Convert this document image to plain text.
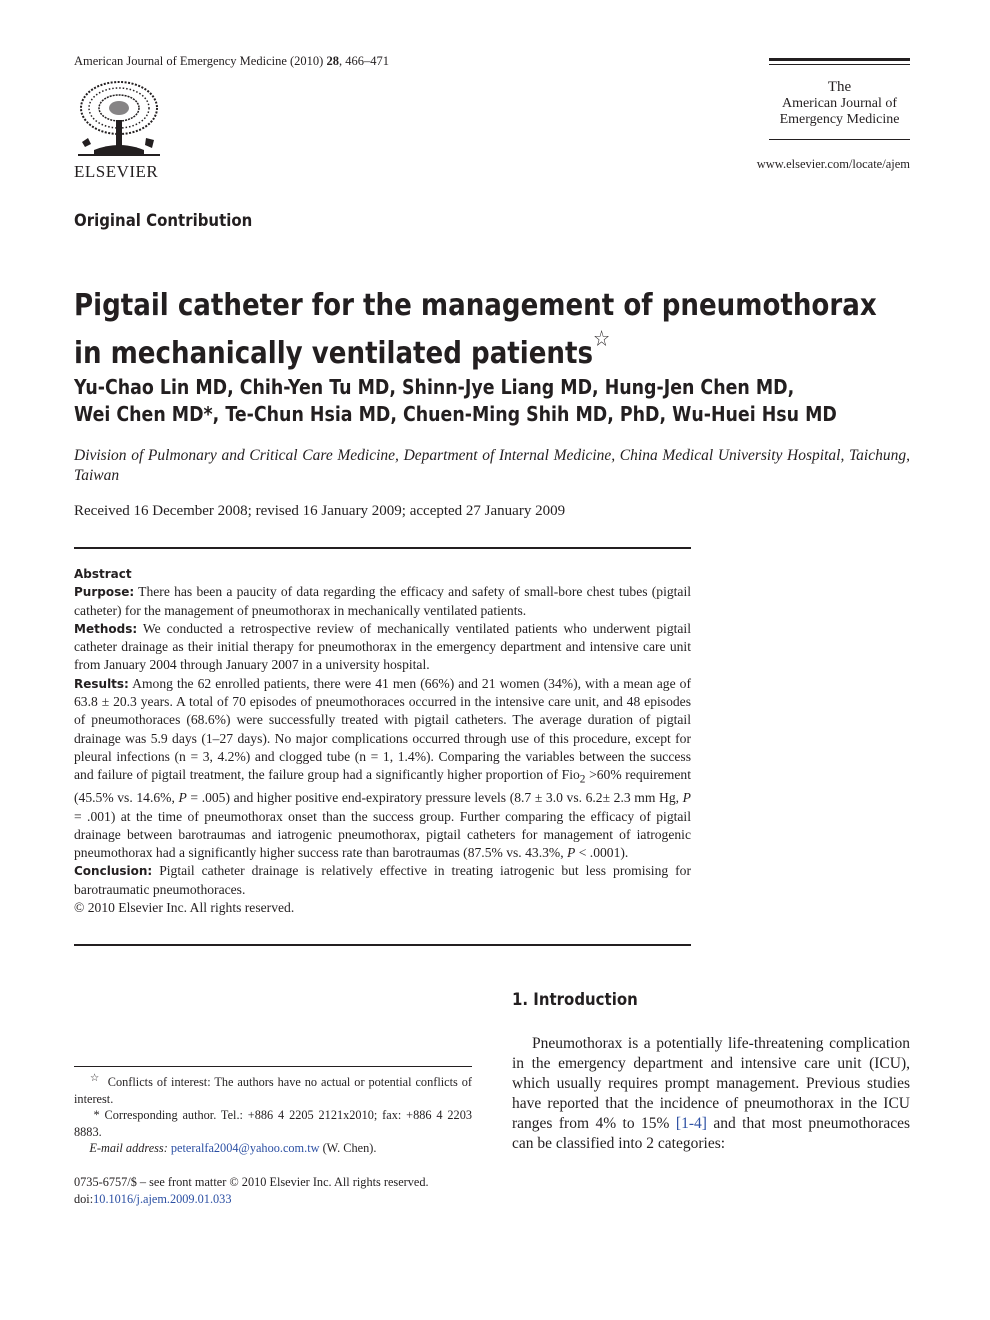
American Journal of Emergency Medicine (2010) 28, 466–471
ELSEVIER
The
American Journal of
Emergency Medicine
www.elsevier.com/locate/ajem
Original Contribution
Pigtail catheter for the management of pneumothorax in mechanically ventilated patients☆
Yu-Chao Lin MD, Chih-Yen Tu MD, Shinn-Jye Liang MD, Hung-Jen Chen MD,
Wei Chen MD*, Te-Chun Hsia MD, Chuen-Ming Shih MD, PhD, Wu-Huei Hsu MD
Division of Pulmonary and Critical Care Medicine, Department of Internal Medicine, China Medical University Hospital, Taichung, Taiwan
Received 16 December 2008; revised 16 January 2009; accepted 27 January 2009

Abstract

Purpose: There has been a paucity of data regarding the efficacy and safety of small-bore chest tubes (pigtail catheter) for the management of pneumothorax in mechanically ventilated patients.

Methods: We conducted a retrospective review of mechanically ventilated patients who underwent pigtail catheter drainage as their initial therapy for pneumothorax in the emergency department and intensive care unit from January 2004 through January 2007 in a university hospital.

Results: Among the 62 enrolled patients, there were 41 men (66%) and 21 women (34%), with a mean age of 63.8 ± 20.3 years. A total of 70 episodes of pneumothoraces occurred in the intensive care unit, and 48 episodes of pneumothoraces (68.6%) were successfully treated with pigtail catheters. The average duration of pigtail drainage was 5.9 days (1–27 days). No major complications occurred through use of this procedure, except for pleural infections (n = 3, 4.2%) and clogged tube (n = 1, 1.4%). Comparing the variables between the success and failure of pigtail treatment, the failure group had a significantly higher proportion of Fio$_2$ >60% requirement (45.5% vs. 14.6%, P = .005) and higher positive end-expiratory pressure levels (8.7 ± 3.0 vs. 6.2± 2.3 mm Hg, P = .001) at the time of pneumothorax onset than the success group. Further comparing the efficacy of pigtail drainage between barotraumas and iatrogenic pneumothorax, pigtail catheters for management of iatrogenic pneumothorax had a significantly higher success rate than barotraumas (87.5% vs. 43.3%, P < .0001).

Conclusion: Pigtail catheter drainage is relatively effective in treating iatrogenic but less promising for barotraumatic pneumothoraces.

© 2010 Elsevier Inc. All rights reserved.

1. Introduction
Pneumothorax is a potentially life-threatening complication in the emergency department and intensive care unit (ICU), which usually requires prompt management. Previous studies have reported that the incidence of pneumothorax in the ICU ranges from 4% to 15% [1-4] and that most pneumothoraces can be classified into 2 categories:

☆ Conflicts of interest: The authors have no actual or potential conflicts of interest.

* Corresponding author. Tel.: +886 4 2205 2121x2010; fax: +886 4 2203 8883.

E-mail address: peteralfa2004@yahoo.com.tw (W. Chen).

0735-6757/$ – see front matter © 2010 Elsevier Inc. All rights reserved.
doi:10.1016/j.ajem.2009.01.033
